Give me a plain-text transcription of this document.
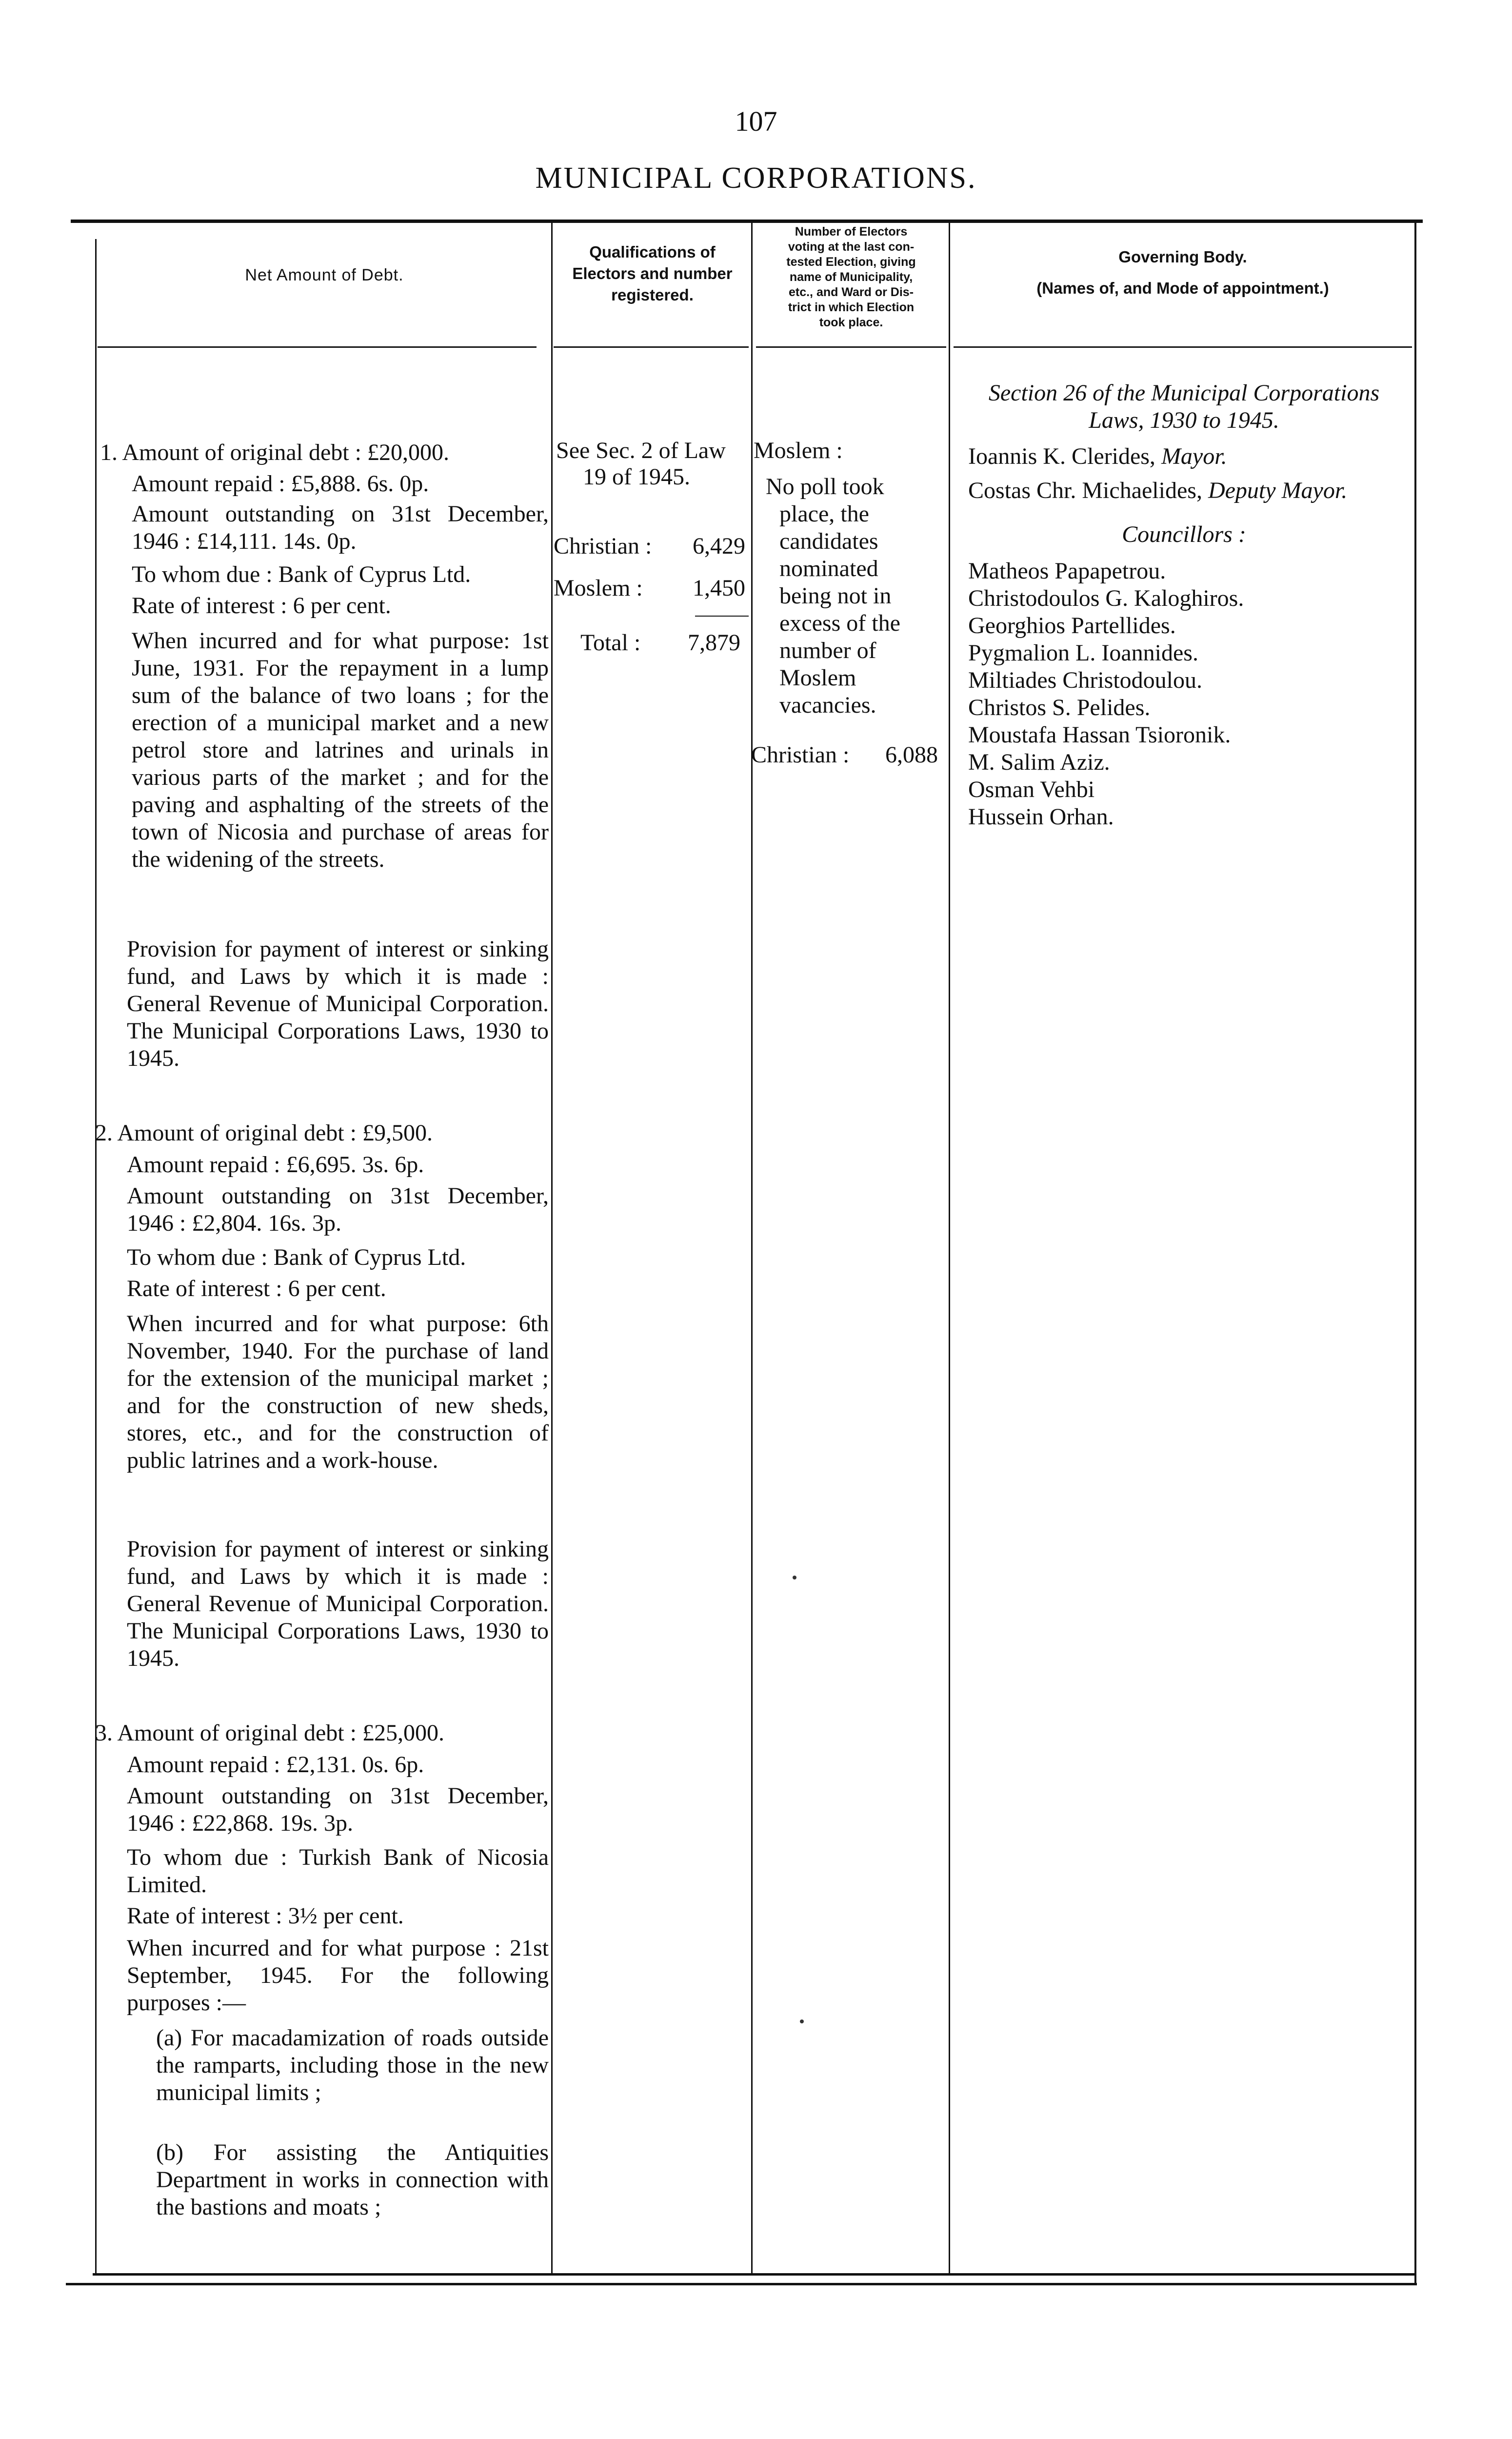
107
MUNICIPAL CORPORATIONS.
Net Amount of Debt.
Qualifications of
Electors and number
registered.
Number of Electors
voting at the last con-
tested Election, giving
name of Municipality,
etc., and Ward or Dis-
trict in which Election
took place.
Governing Body.
(Names of, and Mode of appointment.)
1. Amount of original debt : £20,000.
Amount repaid : £5,888. 6s. 0p.
Amount outstanding on 31st December, 1946 : £14,111. 14s. 0p.
To whom due : Bank of Cyprus Ltd.
Rate of interest : 6 per cent.
When incurred and for what purpose: 1st June, 1931. For the repayment in a lump sum of the balance of two loans ; for the erection of a municipal market and a new petrol store and latrines and urinals in various parts of the market ; and for the paving and asphalting of the streets of the town of Nicosia and purchase of areas for the widening of the streets.
Provision for payment of interest or sinking fund, and Laws by which it is made : General Revenue of Municipal Corporation. The Municipal Corporations Laws, 1930 to 1945.
2. Amount of original debt : £9,500.
Amount repaid : £6,695. 3s. 6p.
Amount outstanding on 31st December, 1946 : £2,804. 16s. 3p.
To whom due : Bank of Cyprus Ltd.
Rate of interest : 6 per cent.
When incurred and for what purpose: 6th November, 1940. For the purchase of land for the extension of the municipal market ; and for the construction of new sheds, stores, etc., and for the construction of public latrines and a work-house.
Provision for payment of interest or sinking fund, and Laws by which it is made : General Revenue of Municipal Corporation. The Municipal Corporations Laws, 1930 to 1945.
3. Amount of original debt : £25,000.
Amount repaid : £2,131. 0s. 6p.
Amount outstanding on 31st December, 1946 : £22,868. 19s. 3p.
To whom due : Turkish Bank of Nicosia Limited.
Rate of interest : 3½ per cent.
When incurred and for what purpose : 21st September, 1945. For the following purposes :—
(a) For macadamization of roads outside the ramparts, including those in the new municipal limits ;
(b) For assisting the Antiquities Department in works in connection with the bastions and moats ;
See Sec. 2 of Law
19 of 1945.
Christian : 6,429
Moslem : 1,450
Total : 7,879
Moslem :
No poll took
place, the
candidates
nominated
being not in
excess of the
number of
Moslem
vacancies.
Christian : 6,088
Section 26 of the Municipal Corporations
Laws, 1930 to 1945.
Ioannis K. Clerides, Mayor.
Costas Chr. Michaelides, Deputy Mayor.
Councillors :
Matheos Papapetrou.
Christodoulos G. Kaloghiros.
Georghios Partellides.
Pygmalion L. Ioannides.
Miltiades Christodoulou.
Christos S. Pelides.
Moustafa Hassan Tsioronik.
M. Salim Aziz.
Osman Vehbi
Hussein Orhan.
